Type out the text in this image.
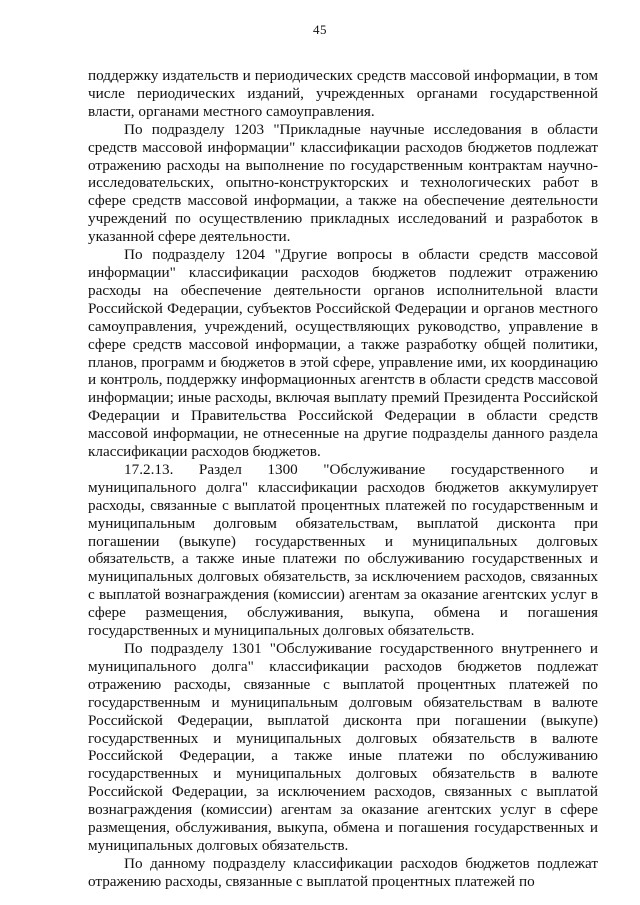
45

поддержку издательств и периодических средств массовой информации, в том числе периодических изданий, учрежденных органами государственной власти, органами местного самоуправления.

По подразделу 1203 "Прикладные научные исследования в области средств массовой информации" классификации расходов бюджетов подлежат отражению расходы на выполнение по государственным контрактам научно-исследовательских, опытно-конструкторских и технологических работ в сфере средств массовой информации, а также на обеспечение деятельности учреждений по осуществлению прикладных исследований и разработок в указанной сфере деятельности.

По подразделу 1204 "Другие вопросы в области средств массовой информации" классификации расходов бюджетов подлежит отражению расходы на обеспечение деятельности органов исполнительной власти Российской Федерации, субъектов Российской Федерации и органов местного самоуправления, учреждений, осуществляющих руководство, управление в сфере средств массовой информации, а также разработку общей политики, планов, программ и бюджетов в этой сфере, управление ими, их координацию и контроль, поддержку информационных агентств в области средств массовой информации; иные расходы, включая выплату премий Президента Российской Федерации и Правительства Российской Федерации в области средств массовой информации, не отнесенные на другие подразделы данного раздела классификации расходов бюджетов.

17.2.13. Раздел 1300 "Обслуживание государственного и муниципального долга" классификации расходов бюджетов аккумулирует расходы, связанные с выплатой процентных платежей по государственным и муниципальным долговым обязательствам, выплатой дисконта при погашении (выкупе) государственных и муниципальных долговых обязательств, а также иные платежи по обслуживанию государственных и муниципальных долговых обязательств, за исключением расходов, связанных с выплатой вознаграждения (комиссии) агентам за оказание агентских услуг в сфере размещения, обслуживания, выкупа, обмена и погашения государственных и муниципальных долговых обязательств.

По подразделу 1301 "Обслуживание государственного внутреннего и муниципального долга" классификации расходов бюджетов подлежат отражению расходы, связанные с выплатой процентных платежей по государственным и муниципальным долговым обязательствам в валюте Российской Федерации, выплатой дисконта при погашении (выкупе) государственных и муниципальных долговых обязательств в валюте Российской Федерации, а также иные платежи по обслуживанию государственных и муниципальных долговых обязательств в валюте Российской Федерации, за исключением расходов, связанных с выплатой вознаграждения (комиссии) агентам за оказание агентских услуг в сфере размещения, обслуживания, выкупа, обмена и погашения государственных и муниципальных долговых обязательств.

По данному подразделу классификации расходов бюджетов подлежат отражению расходы, связанные с выплатой процентных платежей по
